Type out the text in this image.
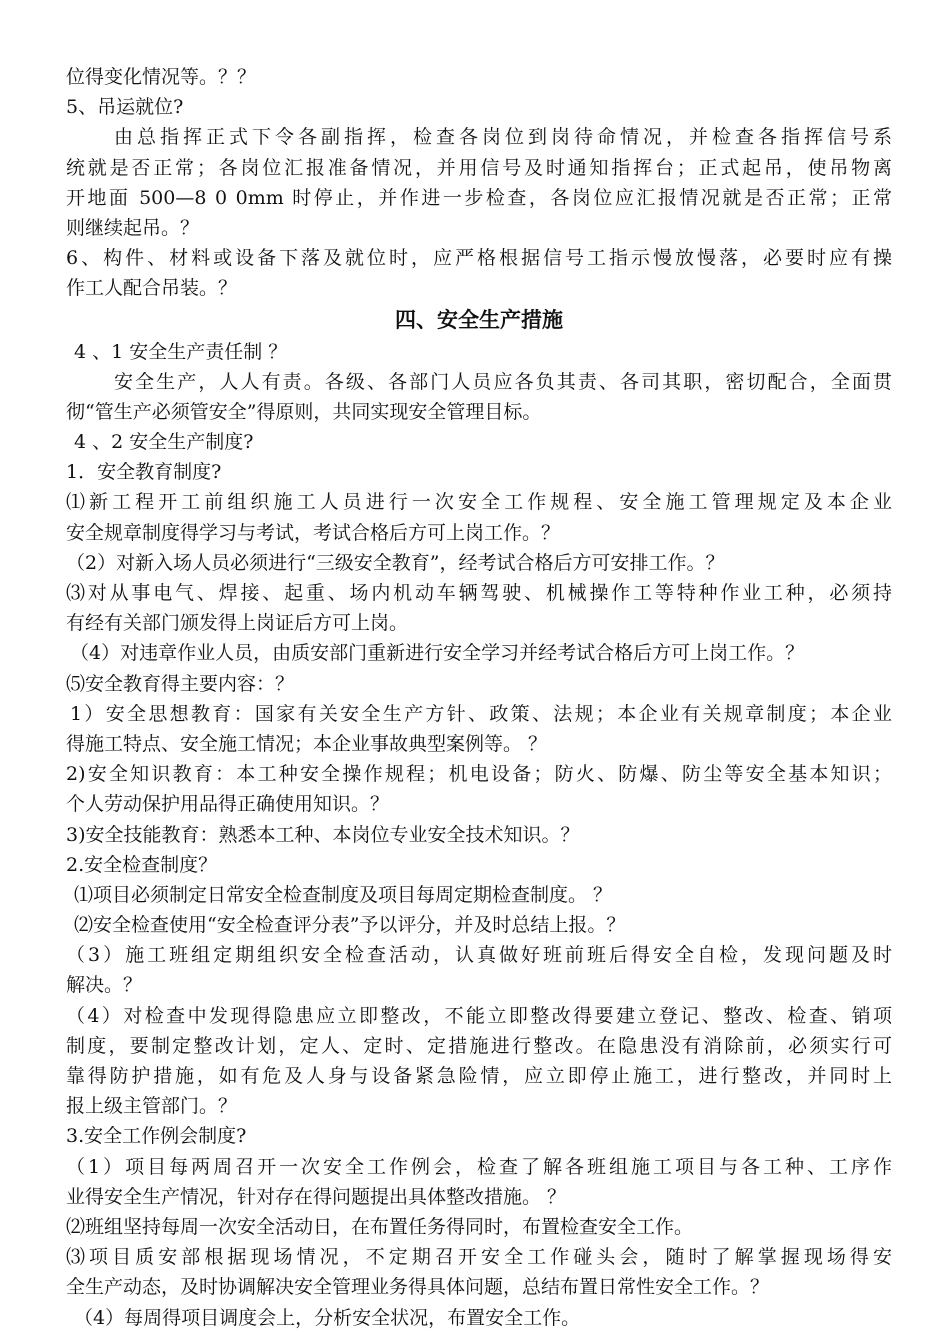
位得变化情况等。？？
5、吊运就位?
由总指挥正式下令各副指挥，检查各岗位到岗待命情况，并检查各指挥信号系
统就是否正常；各岗位汇报准备情况，并用信号及时通知指挥台；正式起吊，使吊物离
开地面 500—8 0 0mm 时停止，并作进一步检查，各岗位应汇报情况就是否正常；正常
则继续起吊。？
6、构件、材料或设备下落及就位时，应严格根据信号工指示慢放慢落，必要时应有操
作工人配合吊装。？
四、安全生产措施
4 、1 安全生产责任制 ？
安全生产，人人有责。各级、各部门人员应各负其责、各司其职，密切配合，全面贯
彻“管生产必须管安全”得原则，共同实现安全管理目标。
4 、2 安全生产制度?
1．安全教育制度?
⑴新工程开工前组织施工人员进行一次安全工作规程、安全施工管理规定及本企业
安全规章制度得学习与考试，考试合格后方可上岗工作。？
（2）对新入场人员必须进行“三级安全教育”，经考试合格后方可安排工作。？
⑶对从事电气、焊接、起重、场内机动车辆驾驶、机械操作工等特种作业工种，必须持
有经有关部门颁发得上岗证后方可上岗。
（4）对违章作业人员，由质安部门重新进行安全学习并经考试合格后方可上岗工作。？
⑸安全教育得主要内容：？
1）安全思想教育：国家有关安全生产方针、政策、法规；本企业有关规章制度；本企业
得施工特点、安全施工情况；本企业事故典型案例等。 ？
2)安全知识教育：本工种安全操作规程；机电设备；防火、防爆、防尘等安全基本知识；
个人劳动保护用品得正确使用知识。？
3)安全技能教育：熟悉本工种、本岗位专业安全技术知识。？
2.安全检查制度？
⑴项目必须制定日常安全检查制度及项目每周定期检查制度。 ？
⑵安全检查使用“安全检查评分表”予以评分，并及时总结上报。？
（3）施工班组定期组织安全检查活动，认真做好班前班后得安全自检，发现问题及时
解决。？
（4）对检查中发现得隐患应立即整改，不能立即整改得要建立登记、整改、检查、销项
制度，要制定整改计划，定人、定时、定措施进行整改。在隐患没有消除前，必须实行可
靠得防护措施，如有危及人身与设备紧急险情，应立即停止施工，进行整改，并同时上
报上级主管部门。？
3.安全工作例会制度?
（1）项目每两周召开一次安全工作例会，检查了解各班组施工项目与各工种、工序作
业得安全生产情况，针对存在得问题提出具体整改措施。 ？
⑵班组坚持每周一次安全活动日，在布置任务得同时，布置检查安全工作。
⑶项目质安部根据现场情况，不定期召开安全工作碰头会，随时了解掌握现场得安
全生产动态，及时协调解决安全管理业务得具体问题，总结布置日常性安全工作。？
（4）每周得项目调度会上，分析安全状况，布置安全工作。
